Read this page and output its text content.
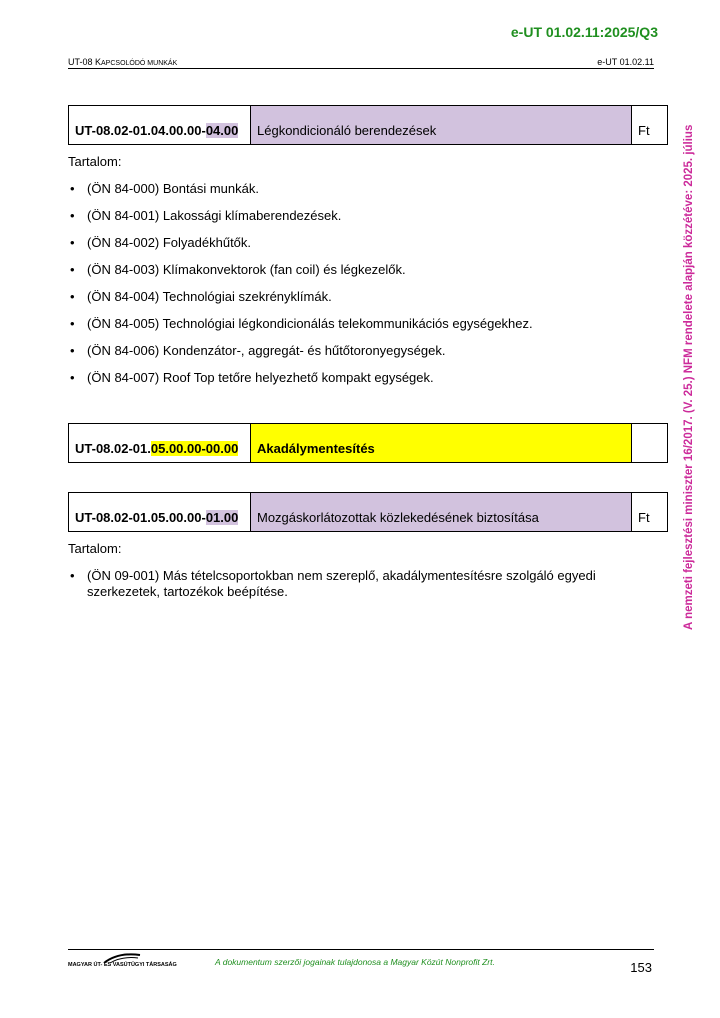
e-UT 01.02.11:2025/Q3
UT-08 KAPCSOLÓDÓ MUNKÁK	e-UT 01.02.11
A nemzeti fejlesztési miniszter 16/2017. (V. 25.) NFM rendelete alapján közzétéve: 2025. július
UT-08.02-01.04.00.00-04.00	Légkondicionáló berendezések	Ft
Tartalom:
• (ÖN 84-000) Bontási munkák.
• (ÖN 84-001) Lakossági klímaberendezések.
• (ÖN 84-002) Folyadékhűtők.
• (ÖN 84-003) Klímakonvektorok (fan coil) és légkezelők.
• (ÖN 84-004) Technológiai szekrényklímák.
• (ÖN 84-005) Technológiai légkondicionálás telekommunikációs egységekhez.
• (ÖN 84-006) Kondenzátor-, aggregát- és hűtőtoronyegységek.
• (ÖN 84-007) Roof Top tetőre helyezhető kompakt egységek.
UT-08.02-01.05.00.00-00.00	Akadálymentesítés	
UT-08.02-01.05.00.00-01.00	Mozgáskorlátozottak közlekedésének biztosítása	Ft
Tartalom:
• (ÖN 09-001) Más tételcsoportokban nem szereplő, akadálymentesítésre szolgáló egyedi szerkezetek, tartozékok beépítése.
MAGYAR ÚT- ÉS VASÚTÜGYI TÁRSASÁG	A dokumentum szerzői jogainak tulajdonosa a Magyar Közút Nonprofit Zrt.	153
